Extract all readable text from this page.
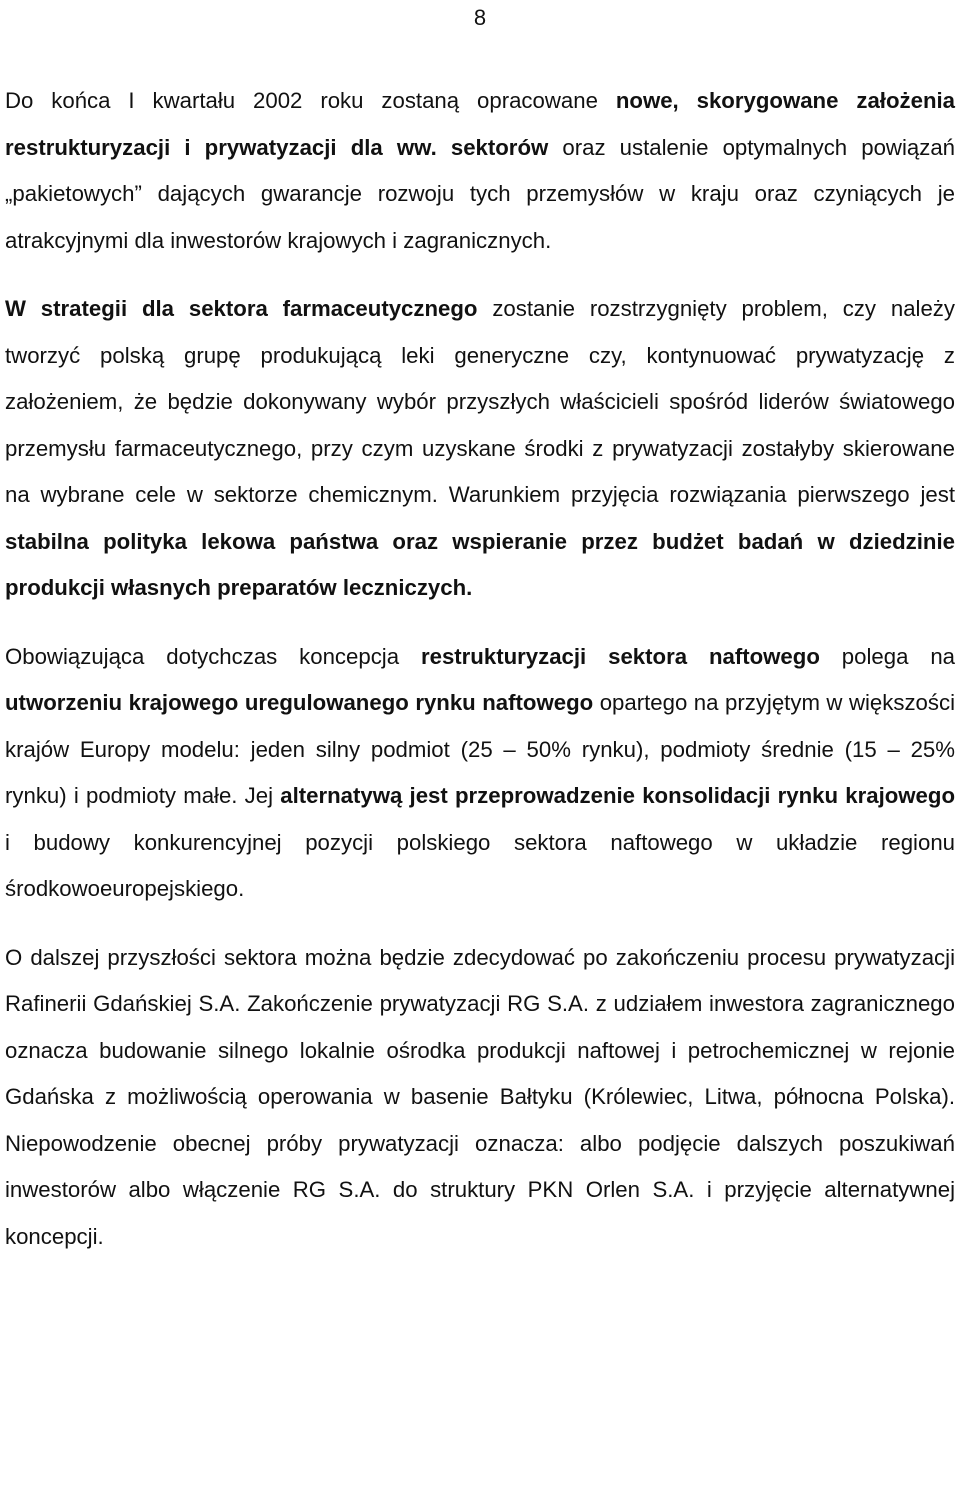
8

Do końca I kwartału 2002 roku zostaną opracowane nowe, skorygowane założenia restrukturyzacji i prywatyzacji dla ww. sektorów oraz ustalenie optymalnych powiązań „pakietowych” dających gwarancje rozwoju tych przemysłów w kraju oraz czyniących je atrakcyjnymi dla inwestorów krajowych i zagranicznych.

W strategii dla sektora farmaceutycznego zostanie rozstrzygnięty problem, czy należy tworzyć polską grupę produkującą leki generyczne czy, kontynuować prywatyzację z założeniem, że będzie dokonywany wybór przyszłych właścicieli spośród liderów światowego przemysłu farmaceutycznego, przy czym uzyskane środki z prywatyzacji zostałyby skierowane na wybrane cele w sektorze chemicznym. Warunkiem przyjęcia rozwiązania pierwszego jest stabilna polityka lekowa państwa oraz wspieranie przez budżet badań w dziedzinie produkcji własnych preparatów leczniczych.

Obowiązująca dotychczas koncepcja restrukturyzacji sektora naftowego polega na utworzeniu krajowego uregulowanego rynku naftowego opartego na przyjętym w większości krajów Europy modelu: jeden silny podmiot (25 – 50% rynku), podmioty średnie (15 – 25% rynku) i podmioty małe. Jej alternatywą jest przeprowadzenie konsolidacji rynku krajowego i budowy konkurencyjnej pozycji polskiego sektora naftowego w układzie regionu środkowoeuropejskiego.

O dalszej przyszłości sektora można będzie zdecydować po zakończeniu procesu prywatyzacji Rafinerii Gdańskiej S.A. Zakończenie prywatyzacji RG S.A. z udziałem inwestora zagranicznego oznacza budowanie silnego lokalnie ośrodka produkcji naftowej i petrochemicznej w rejonie Gdańska z możliwością operowania w basenie Bałtyku (Królewiec, Litwa, północna Polska). Niepowodzenie obecnej próby prywatyzacji oznacza: albo podjęcie dalszych poszukiwań inwestorów albo włączenie RG S.A. do struktury PKN Orlen S.A. i przyjęcie alternatywnej koncepcji.
